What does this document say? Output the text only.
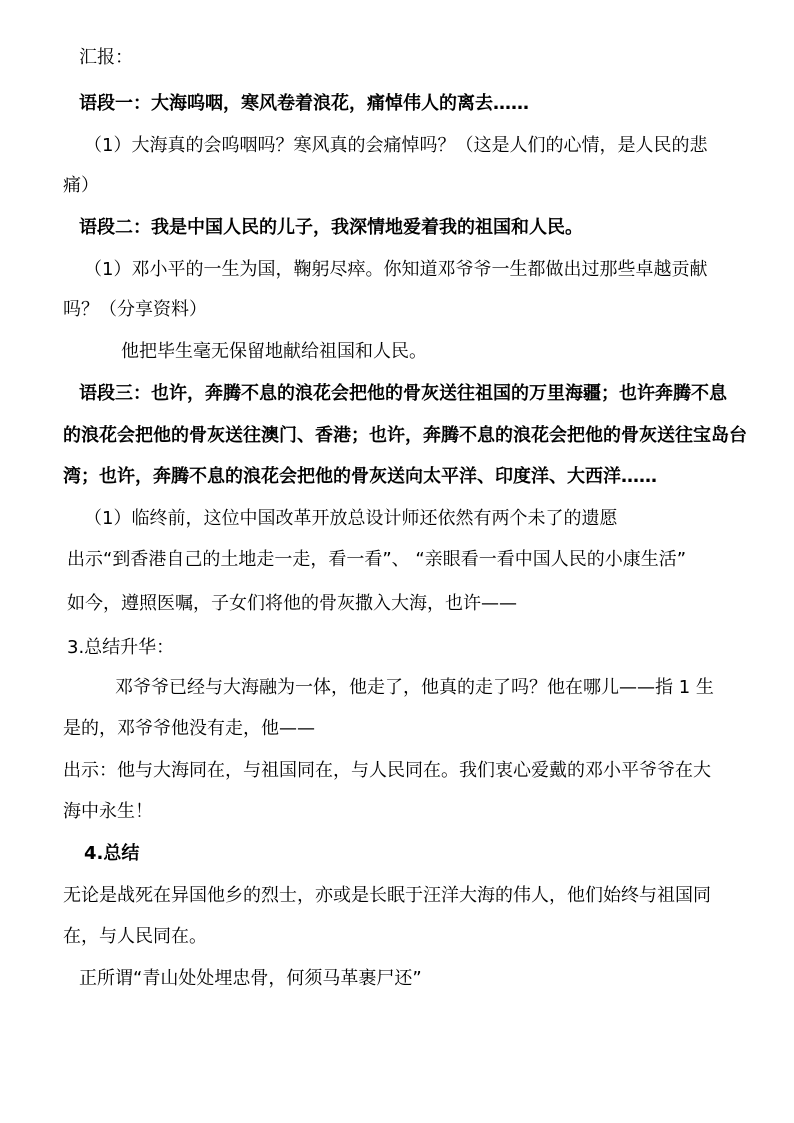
汇报：
语段一：大海呜咽，寒风卷着浪花，痛悼伟人的离去……
（1）大海真的会呜咽吗？寒风真的会痛悼吗？（这是人们的心情，是人民的悲
痛）
语段二：我是中国人民的儿子，我深情地爱着我的祖国和人民。
（1）邓小平的一生为国，鞠躬尽瘁。你知道邓爷爷一生都做出过那些卓越贡献
吗？（分享资料）
他把毕生毫无保留地献给祖国和人民。
语段三：也许，奔腾不息的浪花会把他的骨灰送往祖国的万里海疆；也许奔腾不息
的浪花会把他的骨灰送往澳门、香港；也许，奔腾不息的浪花会把他的骨灰送往宝岛台
湾；也许，奔腾不息的浪花会把他的骨灰送向太平洋、印度洋、大西洋……
（1）临终前，这位中国改革开放总设计师还依然有两个未了的遗愿
出示“到香港自己的土地走一走，看一看”、 “亲眼看一看中国人民的小康生活”
如今，遵照医嘱，子女们将他的骨灰撒入大海，也许——
3.总结升华：
邓爷爷已经与大海融为一体，他走了，他真的走了吗？他在哪儿——指 1 生
是的，邓爷爷他没有走，他——
出示：他与大海同在，与祖国同在，与人民同在。我们衷心爱戴的邓小平爷爷在大
海中永生！
4.总结
无论是战死在异国他乡的烈士，亦或是长眠于汪洋大海的伟人，他们始终与祖国同
在，与人民同在。
正所谓“青山处处埋忠骨，何须马革裹尸还”
